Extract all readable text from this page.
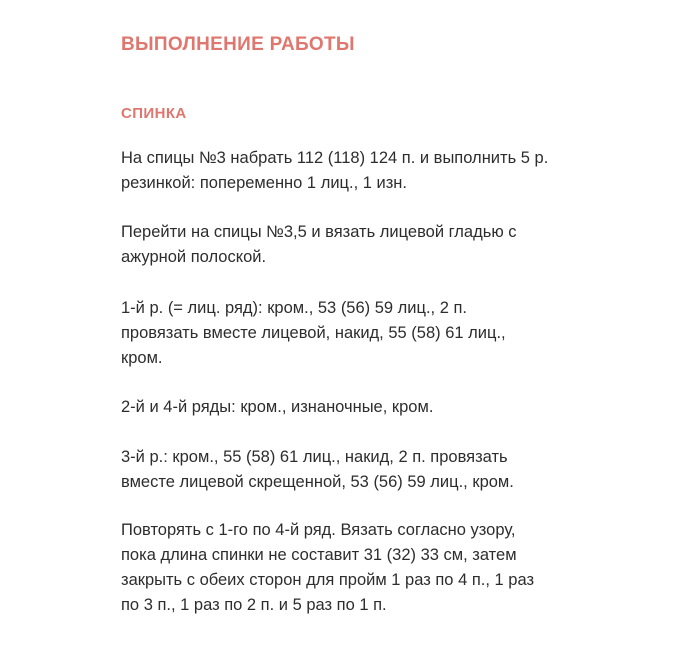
ВЫПОЛНЕНИЕ РАБОТЫ
СПИНКА

На спицы №3 набрать 112 (118) 124 п. и выполнить 5 р.
резинкой: попеременно 1 лиц., 1 изн.

Перейти на спицы №3,5 и вязать лицевой гладью с
ажурной полоской.

1-й р. (= лиц. ряд): кром., 53 (56) 59 лиц., 2 п.
провязать вместе лицевой, накид, 55 (58) 61 лиц.,
кром.

2-й и 4-й ряды: кром., изнаночные, кром.

3-й р.: кром., 55 (58) 61 лиц., накид, 2 п. провязать
вместе лицевой скрещенной, 53 (56) 59 лиц., кром.

Повторять с 1-го по 4-й ряд. Вязать согласно узору,
пока длина спинки не составит 31 (32) 33 см, затем
закрыть с обеих сторон для пройм 1 раз по 4 п., 1 раз
по 3 п., 1 раз по 2 п. и 5 раз по 1 п.
